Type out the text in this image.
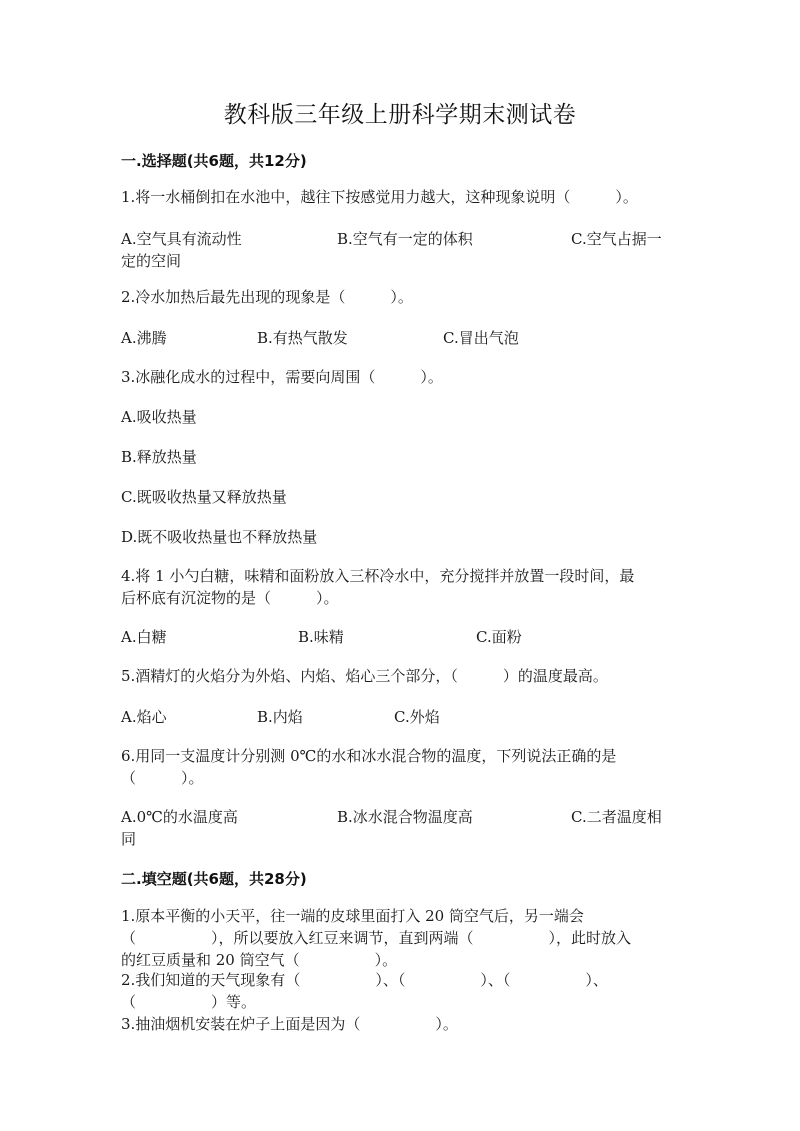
教科版三年级上册科学期末测试卷
一.选择题(共6题，共12分)
1.将一水桶倒扣在水池中，越往下按感觉用力越大，这种现象说明（　　　）。
A.空气具有流动性	B.空气有一定的体积	C.空气占据一
定的空间
2.冷水加热后最先出现的现象是（　　　）。
A.沸腾	B.有热气散发	C.冒出气泡
3.冰融化成水的过程中，需要向周围（　　　）。
A.吸收热量
B.释放热量
C.既吸收热量又释放热量
D.既不吸收热量也不释放热量
4.将 1 小勺白糖，味精和面粉放入三杯冷水中，充分搅拌并放置一段时间，最
后杯底有沉淀物的是（　　　）。
A.白糖	B.味精	C.面粉
5.酒精灯的火焰分为外焰、内焰、焰心三个部分，（　　　）的温度最高。
A.焰心	B.内焰	C.外焰
6.用同一支温度计分别测 0℃的水和冰水混合物的温度，下列说法正确的是
（　　　）。
A.0℃的水温度高	B.冰水混合物温度高	C.二者温度相
同
二.填空题(共6题，共28分)
1.原本平衡的小天平，往一端的皮球里面打入 20 筒空气后，另一端会
（　　　　　），所以要放入红豆来调节，直到两端（　　　　　），此时放入
的红豆质量和 20 筒空气（　　　　　）。
2.我们知道的天气现象有（　　　　　）、（　　　　　）、（　　　　　）、
（　　　　　）等。
3.抽油烟机安装在炉子上面是因为（　　　　　）。
